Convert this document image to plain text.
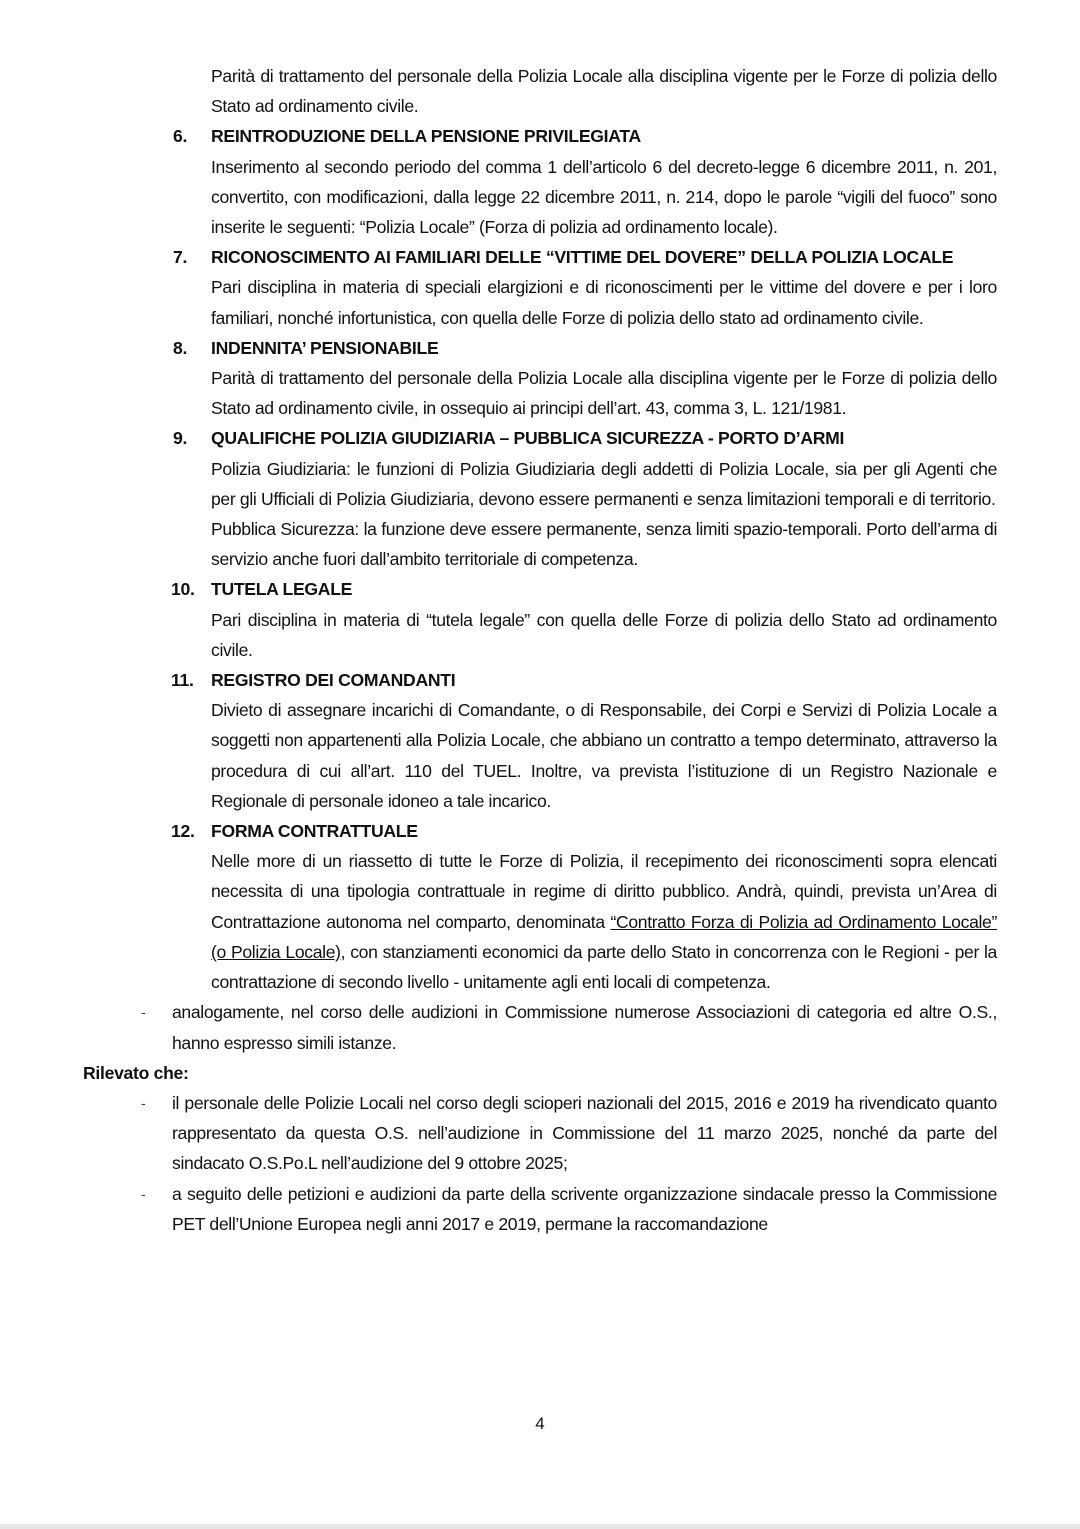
Parità di trattamento del personale della Polizia Locale alla disciplina vigente per le Forze di polizia dello Stato ad ordinamento civile.
6.	REINTRODUZIONE DELLA PENSIONE PRIVILEGIATA
Inserimento al secondo periodo del comma 1 dell’articolo 6 del decreto-legge 6 dicembre 2011, n. 201, convertito, con modificazioni, dalla legge 22 dicembre 2011, n. 214, dopo le parole “vigili del fuoco” sono inserite le seguenti: “Polizia Locale” (Forza di polizia ad ordinamento locale).
7.	RICONOSCIMENTO AI FAMILIARI DELLE “VITTIME DEL DOVERE” DELLA POLIZIA LOCALE
Pari disciplina in materia di speciali elargizioni e di riconoscimenti per le vittime del dovere e per i loro familiari, nonché infortunistica, con quella delle Forze di polizia dello stato ad ordinamento civile.
8.	INDENNITA’ PENSIONABILE
Parità di trattamento del personale della Polizia Locale alla disciplina vigente per le Forze di polizia dello Stato ad ordinamento civile, in ossequio ai principi dell’art. 43, comma 3, L. 121/1981.
9.	QUALIFICHE POLIZIA GIUDIZIARIA – PUBBLICA SICUREZZA - PORTO D’ARMI
Polizia Giudiziaria: le funzioni di Polizia Giudiziaria degli addetti di Polizia Locale, sia per gli Agenti che per gli Ufficiali di Polizia Giudiziaria, devono essere permanenti e senza limitazioni temporali e di territorio.
Pubblica Sicurezza: la funzione deve essere permanente, senza limiti spazio-temporali. Porto dell’arma di servizio anche fuori dall’ambito territoriale di competenza.
10. TUTELA LEGALE
Pari disciplina in materia di “tutela legale” con quella delle Forze di polizia dello Stato ad ordinamento civile.
11. REGISTRO DEI COMANDANTI
Divieto di assegnare incarichi di Comandante, o di Responsabile, dei Corpi e Servizi di Polizia Locale a soggetti non appartenenti alla Polizia Locale, che abbiano un contratto a tempo determinato, attraverso la procedura di cui all’art. 110 del TUEL. Inoltre, va prevista l’istituzione di un Registro Nazionale e Regionale di personale idoneo a tale incarico.
12. FORMA CONTRATTUALE
Nelle more di un riassetto di tutte le Forze di Polizia, il recepimento dei riconoscimenti sopra elencati necessita di una tipologia contrattuale in regime di diritto pubblico. Andrà, quindi, prevista un’Area di Contrattazione autonoma nel comparto, denominata “Contratto Forza di Polizia ad Ordinamento Locale” (o Polizia Locale), con stanziamenti economici da parte dello Stato in concorrenza con le Regioni - per la contrattazione di secondo livello - unitamente agli enti locali di competenza.
- analogamente, nel corso delle audizioni in Commissione numerose Associazioni di categoria ed altre O.S., hanno espresso simili istanze.
Rilevato che:
- il personale delle Polizie Locali nel corso degli scioperi nazionali del 2015, 2016 e 2019 ha rivendicato quanto rappresentato da questa O.S. nell’audizione in Commissione del 11 marzo 2025, nonché da parte del sindacato O.S.Po.L nell’audizione del 9 ottobre 2025;
- a seguito delle petizioni e audizioni da parte della scrivente organizzazione sindacale presso la Commissione PET dell’Unione Europea negli anni 2017 e 2019, permane la raccomandazione
4
